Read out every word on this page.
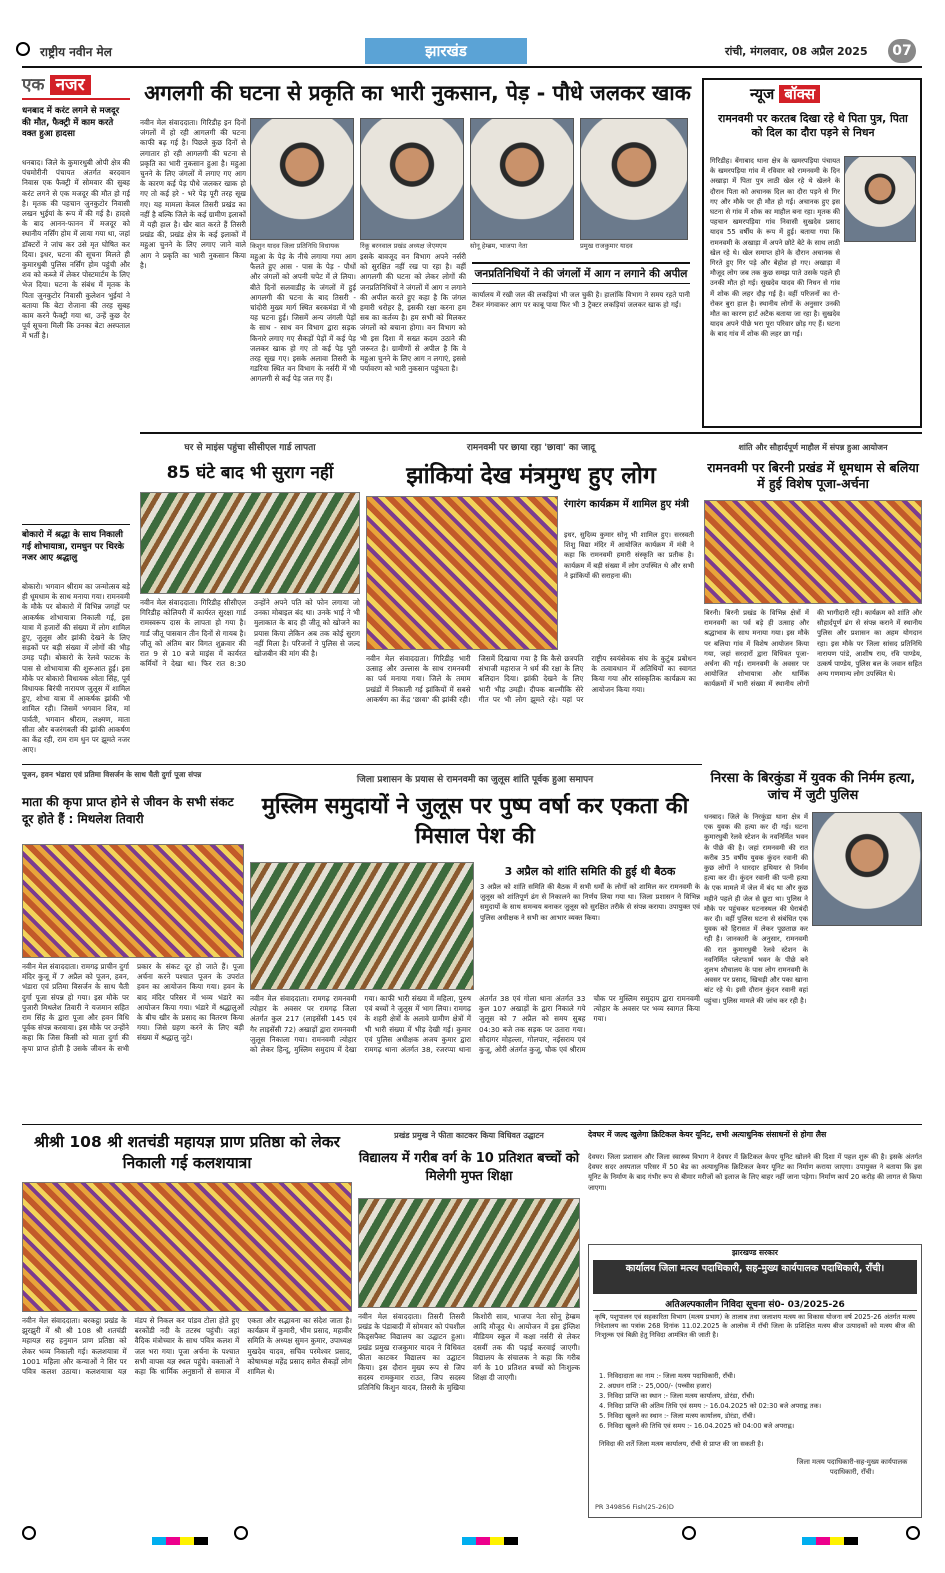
राष्ट्रीय नवीन मेल	झारखंड	रांची, मंगलवार, 08 अप्रैल 2025	07
एक नजर
धनबाद में करंट लगने से मजदूर की मौत, फैक्ट्री में काम करते वक्त हुआ हादसा
धनबाद। जिले के कुमारधुबी ओपी क्षेत्र की पंचमोरीनी पंचायत अंतर्गत बरदवान निवास एक फैक्ट्री में सोमवार की सुबह करंट लगने से एक मजदूर की मौत हो गई है। मृतक की पहचान जुनकुटोर निवासी लखन भुईयां के रूप में की गई है। हादसे के बाद आनन-फानन में मजदूर को स्थानीय नर्सिंग होम में लाया गया था, जहां डॉक्टरों ने जांच कर उसे मृत घोषित कर दिया। इधर, घटना की सूचना मिलते ही कुमारधुबी पुलिस नर्सिंग होम पहुंची और शव को कब्जे में लेकर पोस्टमार्टम के लिए भेज दिया। घटना के संबंध में मृतक के पिता जुनकुटोर निवासी कुलेशन भुईयां ने बताया कि बेटा रोजाना की तरह सुबह काम करने फैक्ट्री गया था, उन्हें कुछ देर पूर्व सूचना मिली कि उनका बेटा अस्पताल में भर्ती है।
बोकारो में श्रद्धा के साथ निकाली गई शोभायात्रा, रामधुन पर थिरके नजर आए श्रद्धालु
बोकारो। भगवान श्रीराम का जन्मोत्सव बड़े ही धूमधाम के साथ मनाया गया। रामनवमी के मौके पर बोकारो में विभिन्न जगहों पर आकर्षक शोभायात्रा निकाली गई, इस यात्रा में हजारों की संख्या में लोग शामिल हुए, जुलूस और झांकी देखने के लिए सड़कों पर बड़ी संख्या में लोगों की भीड़ उमड़ पड़ी। बोकारो के रेलवे फाटक के पास से शोभायात्रा की शुरूआत हुई। इस मौके पर बोकारो विधायक श्वेता सिंह, पूर्व विधायक बिरंची नारायण जुलूस में शामिल हुए, शोभा यात्रा में आकर्षक झांकी भी शामिल रही। जिसमें भगवान शिव, मां पार्वती, भगवान श्रीराम, लक्ष्मण, माता सीता और बजरंगबली की झांकी आकर्षण का केंद्र रही, राम राम धुन पर झूमते नजर आए।
अगलगी की घटना से प्रकृति का भारी नुकसान, पेड़ - पौधे जलकर खाक
नवीन मेल संवाददाता। गिरिडीह इन दिनों जंगलों में हो रही आगलगी की घटना काफी बढ़ गई है। पिछले कुछ दिनों से लगातार हो रही आगलगी की घटना से प्रकृति का भारी नुकसान हुआ है। महुआ चुनने के लिए जंगलों में लगाए गए आग के कारण कई पेड़ पौधे जलकर खाक हो गए तो कई हरे - भरे पेड़ पूरी तरह सूख गए। यह मामला केवल तिसरी प्रखंड का नहीं है बल्कि जिले के कई ग्रामीण इलाकों में यही हाल है। खैर बात करते हैं तिसरी प्रखंड की, प्रखंड क्षेत्र के कई इलाकों में महुआ चुनने के लिए लगाए जाने वाले आग ने प्रकृति का भारी नुकसान किया है।
महुआ के पेड़ के नीचे लगाया गया आग फैलते हुए आस - पास के पेड़ - पौधों और जंगलों को अपनी चपेट में ले लिया। बीते दिनों सलवाडीह के जंगलों में हुई आगलगी की घटना के बाद तिसरी - चांदोरी मुख्य मार्ग स्थित बरकमंडा में भी यह घटना हुई। जिसमें अन्य जंगली पेड़ों के साथ - साथ वन विभाग द्वारा सड़क किनारे लगाए गए सैकड़ों पेड़ों में कई पेड़ जलकर खाक हो गए तो कई पेड़ पूरी तरह सूख गए। इसके अलावा तिसरी के गडरिया स्थित वन विभाग के नर्सरी में भी आगलगी से कई पेड़ जल गए हैं।
इसके बावजूद वन विभाग अपने नर्सरी को सुरक्षित नहीं रख पा रहा है। वहीं आगलगी की घटना को लेकर लोगों की जनप्रतिनिधियों ने जंगलों में आग न लगाने की अपील करते हुए कहा है कि जंगल हमारी धरोहर है, इसकी रक्षा करना हम सब का कर्तव्य है। हम सभी को मिलकर जंगलों को बचाना होगा। वन विभाग को भी इस दिशा में सख्त कदम उठाने की जरूरत है। ग्रामीणों से अपील है कि वे महुआ चुनने के लिए आग न लगाएं, इससे पर्यावरण को भारी नुकसान पहुंचता है।
किशुन यादव जिला प्रतिनिधि विधायक	रिंकू बरनवाल प्रखंड अध्यक्ष जेएमएम	सोनू हेम्ब्रम, भाजपा नेता	प्रमुख राजकुमार यादव
जनप्रतिनिधियों ने की जंगलों में आग न लगाने की अपील
कार्यालय में रखी जल की लकड़ियां भी जल चुकी है। हालांकि विभाग ने समय रहते पानी टैंकर मंगवाकर आग पर काबू पाया फिर भी 3 ट्रैक्टर लकड़ियां जलकर खाक हो गईं।
न्यूज बॉक्स
रामनवमी पर करतब दिखा रहे थे पिता पुत्र, पिता को दिल का दौरा पड़ने से निधन
गिरिडीह। बेंगाबाद थाना क्षेत्र के खमरपड़िया पंचायत के खमरपड़िया गांव में रविवार को रामनवमी के दिन अखाड़ा में पिता पुत्र लाठी खेल रहे थे खेलने के दौरान पिता को अचानक दिल का दौरा पड़ने से गिर गए और मौके पर ही मौत हो गई। अचानक हुए इस घटना से गांव में शोक का माहौल बना रहा। मृतक की पहचान खमरपड़िया गांव निवासी सुखदेव प्रसाद यादव 55 वर्षीय के रूप में हुई। बताया गया कि रामनवमी के अखाड़ा में अपने छोटे बेटे के साथ लाठी खेल रहे थे। खेल समाप्त होने के दौरान अचानक से गिरते हुए गिर पड़े और बेहोश हो गए। अखाड़ा में मौजूद लोग जब तक कुछ समझ पाते उसके पहले ही उनकी मौत हो गई। सुखदेव यादव की निधन से गांव में शोक की लहर दौड़ गई है। वहीं परिजनों का रो-रोकर बुरा हाल है। स्थानीय लोगों के अनुसार उनकी मौत का कारण हार्ट अटैक बताया जा रहा है। सुखदेव यादव अपने पीछे भरा पूरा परिवार छोड़ गए हैं। घटना के बाद गांव में शोक की लहर छा गई।
घर से माइंस पहुंचा सीसीएल गार्ड लापता
85 घंटे बाद भी सुराग नहीं
नवीन मेल संवाददाता। गिरिडीह सीसीएल गिरिडीह कोलियरी में कार्यरत सुरक्षा गार्ड रामस्वरूप दास के लापता हो गया है। गार्ड जीतू पासवान तीन दिनों से गायब है। जीतू को अंतिम बार विगत शुक्रवार की रात 9 से 10 बजे माइंस में कार्यरत कर्मियों ने देखा था। फिर रात 8:30 उन्होंने अपने पति को फोन लगाया जो उनका मोबाइल बंद था। उनके भाई ने भी मुलाकात के बाद ही जीतू को खोजने का प्रयास किया लेकिन अब तक कोई सुराग नहीं मिला है। परिजनों ने पुलिस से जल्द खोजबीन की मांग की है।
रामनवमी पर छाया रहा 'छावा' का जादू
झांकियां देख मंत्रमुग्ध हुए लोग
रंगारंग कार्यक्रम में शामिल हुए मंत्री
इधर, सुदिव्य कुमार सोनू भी शामिल हुए। सरस्वती शिशु विद्या मंदिर में आयोजित कार्यक्रम में मंत्री ने कहा कि रामनवमी हमारी संस्कृति का प्रतीक है। कार्यक्रम में बड़ी संख्या में लोग उपस्थित थे और सभी ने झांकियों की सराहना की।
नवीन मेल संवाददाता। गिरिडीह भारी उत्साह और उल्लास के साथ रामनवमी का पर्व मनाया गया। जिले के तमाम प्रखंडों में निकाली गई झांकियों में सबसे आकर्षण का केंद्र 'छावा' की झांकी रही। जिसमें दिखाया गया है कि कैसे छत्रपति संभाजी महाराज ने धर्म की रक्षा के लिए बलिदान दिया। झांकी देखने के लिए भारी भीड़ उमड़ी। दीपक बाल्मीकि सेरे गीत पर भी लोग झूमते रहे। यहां पर राष्ट्रीय स्वयंसेवक संघ के कुटुंब प्रबोधन के तत्वावधान में अतिथियों का स्वागत किया गया और सांस्कृतिक कार्यक्रम का आयोजन किया गया।
शांति और सौहार्दपूर्ण माहौल में संपन्न हुआ आयोजन
रामनवमी पर बिरनी प्रखंड में धूमधाम से बलिया में हुई विशेष पूजा-अर्चना
बिरनी। बिरनी प्रखंड के विभिन्न क्षेत्रों में रामनवमी का पर्व बड़े ही उत्साह और श्रद्धाभाव के साथ मनाया गया। इस मौके पर बलिया गांव में विशेष आयोजन किया गया, जहां सरदारों द्वारा विधिवत पूजा-अर्चना की गई। रामनवमी के अवसर पर आयोजित शोभायात्रा और धार्मिक कार्यक्रमों में भारी संख्या में स्थानीय लोगों की भागीदारी रही। कार्यक्रम को शांति और सौहार्दपूर्ण ढंग से संपन्न कराने में स्थानीय पुलिस और प्रशासन का अहम योगदान रहा। इस मौके पर जिला सांसद प्रतिनिधि नारायण पांडे, आशीष राय, रवि पाण्डेय, उत्कर्ष पाण्डेय, पुलिस बल के जवान सहित अन्य गणमान्य लोग उपस्थित थे।
पूजन, हवन भंडारा एवं प्रतिमा विसर्जन के साथ चैती दुर्गा पूजा संपन्न
माता की कृपा प्राप्त होने से जीवन के सभी संकट दूर होते हैं : मिथलेश तिवारी
नवीन मेल संवाददाता। रामगढ़ प्राचीन दुर्गा मंदिर कुजू में 7 अप्रैल को पूजन, हवन, भंडारा एवं प्रतिमा विसर्जन के साथ चैती दुर्गा पूजा संपन्न हो गया। इस मौके पर पुजारी मिथलेश तिवारी ने यजमान सहित राम सिंह के द्वारा पूजा और हवन विधि पूर्वक संपन्न करवाया। इस मौके पर उन्होंने कहा कि जिस किसी को माता दुर्गा की कृपा प्राप्त होती है उसके जीवन के सभी प्रकार के संकट दूर हो जाते हैं। पूजा अर्चना करने पश्चात पूजन के उपरांत हवन का आयोजन किया गया। हवन के बाद मंदिर परिसर में भव्य भंडारे का आयोजन किया गया। भंडारे में श्रद्धालुओं के बीच खीर के प्रसाद का वितरण किया गया। जिसे ग्रहण करने के लिए बड़ी संख्या में श्रद्धालु जुटे।
जिला प्रशासन के प्रयास से रामनवमी का जुलूस शांति पूर्वक हुआ समापन
मुस्लिम समुदायों ने जुलूस पर पुष्प वर्षा कर एकता की मिसाल पेश की
3 अप्रैल को शांति समिति की हुई थी बैठक
3 अप्रैल को शांति समिति की बैठक में सभी धर्मों के लोगों को शामिल कर रामनवमी के जुलूस को शांतिपूर्ण ढंग से निकालने का निर्णय लिया गया था। जिला प्रशासन ने विभिन्न समुदायों के साथ समन्वय बनाकर जुलूस को सुरक्षित तरीके से संपन्न कराया। उपायुक्त एवं पुलिस अधीक्षक ने सभी का आभार व्यक्त किया।
नवीन मेल संवाददाता। रामगढ़ रामनवमी त्योहार के अवसर पर रामगढ़ जिला अंतर्गत कुल 217 (लाइसेंसी 145 एवं गैर लाइसेंसी 72) अखाड़ों द्वारा रामनवमी जुलूस निकाला गया। रामनवमी त्योहार को लेकर हिन्दू, मुस्लिम समुदाय में देखा गया। काफी भारी संख्या में महिला, पुरुष एवं बच्चों ने जुलूस में भाग लिया। रामगढ़ के शहरी क्षेत्रों के अलावे ग्रामीण क्षेत्रों में भी भारी संख्या में भीड़ देखी गई। कुमार एवं पुलिस अधीक्षक अजय कुमार द्वारा रामगढ़ थाना अंतर्गत 38, रजरप्पा थाना अंतर्गत 38 एवं गोला थाना अंतर्गत 33 कुल 107 अखाड़ों के द्वारा निकाले गये जुलूस को 7 अप्रैल को समय सुबह 04:30 बजे तक सड़क पर उतारा गया। सौदागर मोहल्ला, गोलपार, नईसराय एवं कुजू, ओरी अंतर्गत कुजू, चौक एवं श्रीराम चौक पर मुस्लिम समुदाय द्वारा रामनवमी त्योहार के अवसर पर भव्य स्वागत किया गया।
निरसा के बिरकुंडा में युवक की निर्मम हत्या, जांच में जुटी पुलिस
धनबाद। जिले के निरकुंडा थाना क्षेत्र में एक युवक की हत्या कर दी गई। घटना कुमारधुबी रेलवे स्टेशन के नवनिर्मित भवन के पीछे की है। जहां रामनवमी की रात करीब 35 वर्षीय युवक कुंदन रवानी की कुछ लोगों ने धारदार हथियार से निर्मम हत्या कर दी। कुंदन रवानी की पत्नी हत्या के एक मामले में जेल में बंद था और कुछ महीने पहले ही जेल से छूटा था। पुलिस ने मौके पर पहुंचकर घटनास्थल की घेराबंदी कर दी। वहीं पुलिस घटना से संबंधित एक युवक को हिरासत में लेकर पूछताछ कर रही है। जानकारी के अनुसार, रामनवमी की रात कुमारधुबी रेलवे स्टेशन के नवनिर्मित प्लेटफार्म भवन के पीछे बने शुलभ शौचालय के पास लोग रामनवमी के अवसर पर प्रसाद, खिचड़ी और पका खाना बांट रहे थे। इसी दौरान कुंदन रवानी वहां पहुंचा। पुलिस मामले की जांच कर रही है।
श्रीश्री 108 श्री शतचंडी महायज्ञ प्राण प्रतिष्ठा को लेकर निकाली गई कलशयात्रा
नवीन मेल संवाददाता। बरकट्ठा प्रखंड के झुरझुरी में श्री श्री 108 श्री शतचंडी महायज्ञ सह हनुमान प्राण प्रतिष्ठा को लेकर भव्य निकाली गई। कलशयात्रा में 1001 महिला और कन्याओं ने सिर पर पवित्र कलश उठाया। कलशयात्रा यज्ञ मंडप से निकल कर पांडव टोला होते हुए बरकोंडी नदी के तटस्थ पहुंची। जहां वैदिक मंत्रोच्चार के साथ पवित्र कलश में जल भरा गया। पूजा अर्चना के पश्चात सभी वापस यज्ञ स्थल पहुंचे। वक्ताओं ने कहा कि धार्मिक अनुष्ठानों से समाज में एकता और सद्भावना का संदेश जाता है। कार्यक्रम में कुमारी, भीम प्रसाद, महावीर समिति के अध्यक्ष सुमन कुमार, उपाध्यक्ष मुखदेव यादव, सचिव परमेश्वर प्रसाद, कोषाध्यक्ष महेंद्र प्रसाद समेत सैकड़ों लोग शामिल थे।
प्रखंड प्रमुख ने फीता काटकर किया विधिवत उद्घाटन
विद्यालय में गरीब वर्ग के 10 प्रतिशत बच्चों को मिलेगी मुफ्त शिक्षा
नवीन मेल संवाददाता। तिसरी तिसरी प्रखंड के पंडाबादी में सोमवार को पंचशील किड्सपैक्ट विद्यालय का उद्घाटन हुआ। प्रखंड प्रमुख राजकुमार यादव ने विधिवत फीता काटकर विद्यालय का उद्घाटन किया। इस दौरान मुख्य रूप से जिप सदस्य रामकुमार राउत, जिप सदस्य प्रतिनिधि किशुन यादव, तिसरी के मुखिया किशोरी साव, भाजपा नेता सोनू हेम्ब्रम आदि मौजूद थे। आयोजन में इस इंग्लिश मीडियम स्कूल में कक्षा नर्सरी से लेकर दसवीं तक की पढ़ाई करवाई जाएगी। विद्यालय के संचालक ने कहा कि गरीब वर्ग के 10 प्रतिशत बच्चों को निःशुल्क शिक्षा दी जाएगी।
देवघर में जल्द खुलेगा क्रिटिकल केयर यूनिट, सभी अत्याधुनिक संसाधनों से होगा लैस
देवघर। जिला प्रशासन और जिला स्वास्थ्य विभाग ने देवघर में क्रिटिकल केयर यूनिट खोलने की दिशा में पहल शुरू की है। इसके अंतर्गत देवघर सदर अस्पताल परिसर में 50 बेड का अत्याधुनिक क्रिटिकल केयर यूनिट का निर्माण कराया जाएगा। उपायुक्त ने बताया कि इस यूनिट के निर्माण के बाद गंभीर रूप से बीमार मरीजों को इलाज के लिए बाहर नहीं जाना पड़ेगा। निर्माण कार्य 20 करोड़ की लागत से किया जाएगा।
झारखण्ड सरकार
कार्यालय जिला मत्स्य पदाधिकारी, सह-मुख्य कार्यपालक पदाधिकारी, राँची।
अतिअल्पकालीन निविदा सूचना सं0- 03/2025-26
कृषि, पशुपालन एवं सहकारिता विभाग (मत्स्य प्रभाग) के तालाब तथा जलाशय मत्स्य का विकास योजना वर्ष 2025-26 अंतर्गत मत्स्य निदेशालय का पत्रांक 268 दिनांक 11.02.2025 के आलोक में राँची जिला के प्रशिक्षित मत्स्य बीज उत्पादकों को मत्स्य बीज की निःशुल्क एवं बिक्री हेतु निविदा आमंत्रित की जाती है।
1. निविदादाता का नाम :- जिला मत्स्य पदाधिकारी, राँची।
2. अग्रधन राशि :- 25,000/- (पच्चीस हजार)
3. निविदा प्राप्ति का स्थान :- जिला मत्स्य कार्यालय, डोरंडा, राँची।
4. निविदा प्राप्ति की अंतिम तिथि एवं समय :- 16.04.2025 को 02:30 बजे अपराह्न तक।
5. निविदा खुलने का स्थान :- जिला मत्स्य कार्यालय, डोरंडा, राँची।
6. निविदा खुलने की तिथि एवं समय :- 16.04.2025 को 04:00 बजे अपराह्न।
निविदा की शर्तें जिला मत्स्य कार्यालय, राँची से प्राप्त की जा सकती है।
जिला मत्स्य पदाधिकारी-सह-मुख्य कार्यपालक पदाधिकारी, राँची।
PR 349856 Fish(25-26)D
